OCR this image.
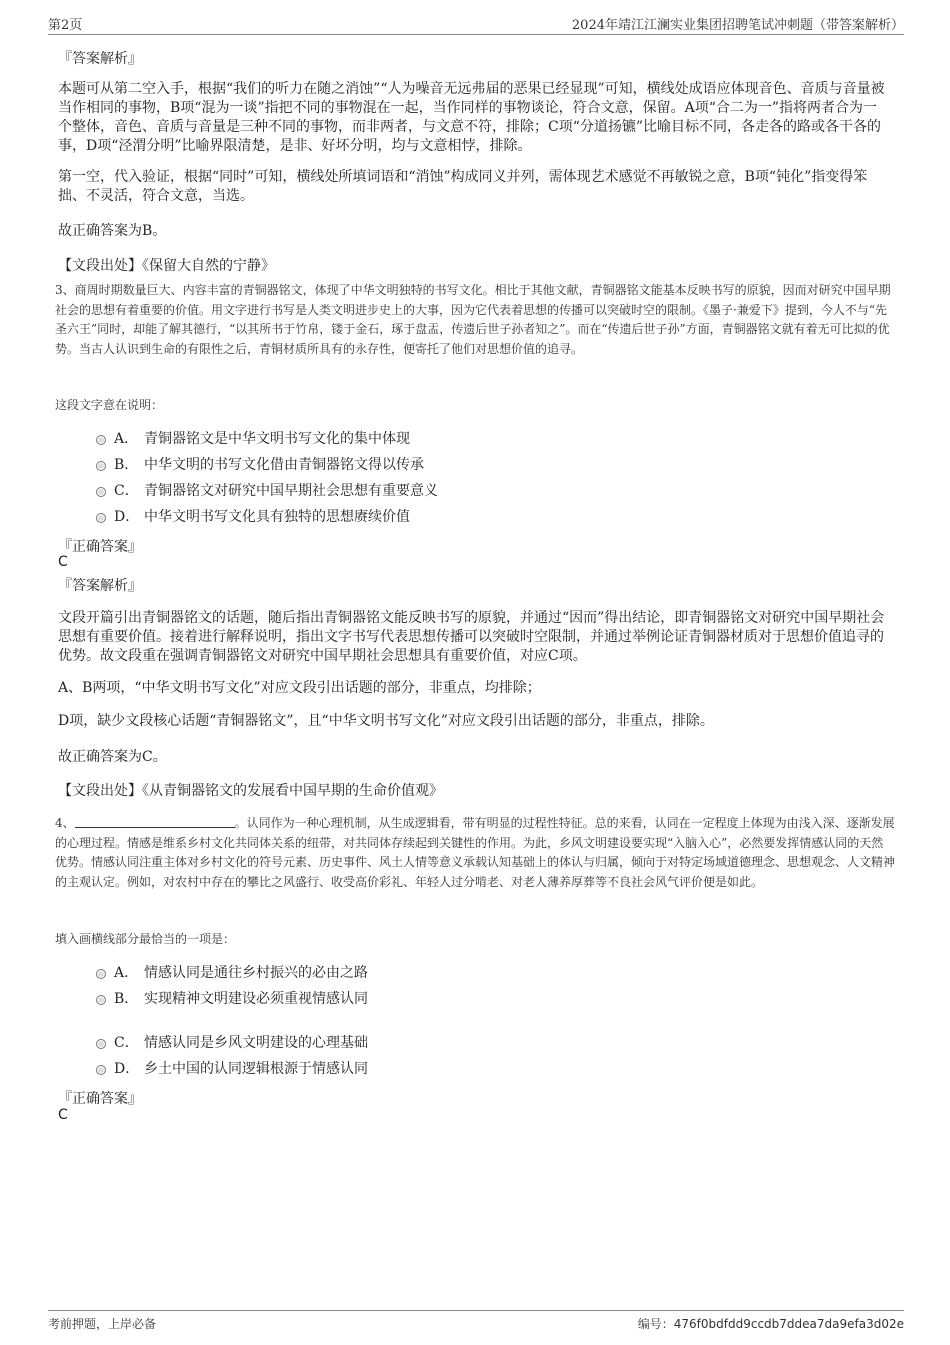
第2页	2024年靖江江澜实业集团招聘笔试冲刺题（带答案解析）
『答案解析』

本题可从第二空入手，根据“我们的听力在随之消蚀”“人为噪音无远弗届的恶果已经显现”可知，横线处成语应体现音色、音质与音量被当作相同的事物，B项“混为一谈”指把不同的事物混在一起，当作同样的事物谈论，符合文意，保留。A项“合二为一”指将两者合为一个整体，音色、音质与音量是三种不同的事物，而非两者，与文意不符，排除；C项“分道扬镳”比喻目标不同，各走各的路或各干各的事，D项“泾渭分明”比喻界限清楚，是非、好坏分明，均与文意相悖，排除。

第一空，代入验证，根据“同时”可知，横线处所填词语和“消蚀”构成同义并列，需体现艺术感觉不再敏锐之意，B项“钝化”指变得笨拙、不灵活，符合文意，当选。

故正确答案为B。
【文段出处】《保留大自然的宁静》
3、商周时期数量巨大、内容丰富的青铜器铭文，体现了中华文明独特的书写文化。相比于其他文献，青铜器铭文能基本反映书写的原貌，因而对研究中国早期社会的思想有着重要的价值。用文字进行书写是人类文明进步史上的大事，因为它代表着思想的传播可以突破时空的限制。《墨子·兼爱下》提到，今人不与“先圣六王”同时，却能了解其德行，“以其所书于竹帛，镂于金石，琢于盘盂，传遗后世子孙者知之”。而在“传遗后世子孙”方面，青铜器铭文就有着无可比拟的优势。当古人认识到生命的有限性之后，青铜材质所具有的永存性，便寄托了他们对思想价值的追寻。
这段文字意在说明：
A． 青铜器铭文是中华文明书写文化的集中体现
B． 中华文明的书写文化借由青铜器铭文得以传承
C． 青铜器铭文对研究中国早期社会思想有重要意义
D． 中华文明书写文化具有独特的思想赓续价值
『正确答案』
C
『答案解析』

文段开篇引出青铜器铭文的话题，随后指出青铜器铭文能反映书写的原貌，并通过“因而”得出结论，即青铜器铭文对研究中国早期社会思想有重要价值。接着进行解释说明，指出文字书写代表思想传播可以突破时空限制，并通过举例论证青铜器材质对于思想价值追寻的优势。故文段重在强调青铜器铭文对研究中国早期社会思想具有重要价值，对应C项。

A、B两项，“中华文明书写文化”对应文段引出话题的部分，非重点，均排除；

D项，缺少文段核心话题“青铜器铭文”，且“中华文明书写文化”对应文段引出话题的部分，非重点，排除。

故正确答案为C。
【文段出处】《从青铜器铭文的发展看中国早期的生命价值观》
4、	。认同作为一种心理机制，从生成逻辑看，带有明显的过程性特征。总的来看，认同在一定程度上体现为由浅入深、逐渐发展的心理过程。情感是维系乡村文化共同体关系的纽带，对共同体存续起到关键性的作用。为此，乡风文明建设要实现“入脑入心”，必然要发挥情感认同的天然优势。情感认同注重主体对乡村文化的符号元素、历史事件、风土人情等意义承载认知基础上的体认与归属，倾向于对特定场域道德理念、思想观念、人文精神的主观认定。例如，对农村中存在的攀比之风盛行、收受高价彩礼、年轻人过分啃老、对老人薄养厚葬等不良社会风气评价便是如此。
填入画横线部分最恰当的一项是：
A． 情感认同是通往乡村振兴的必由之路
B． 实现精神文明建设必须重视情感认同
C． 情感认同是乡风文明建设的心理基础
D． 乡土中国的认同逻辑根源于情感认同
『正确答案』
C
考前押题，上岸必备	编号：476f0bdfdd9ccdb7ddea7da9efa3d02e
